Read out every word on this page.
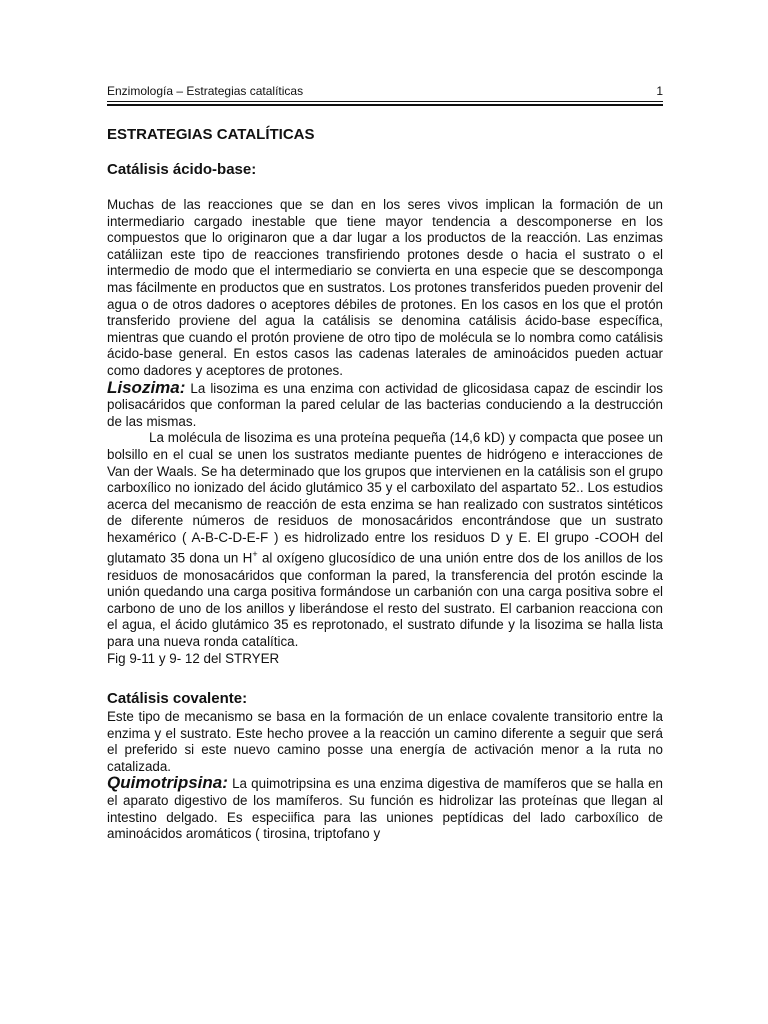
Enzimología – Estrategias catalíticas	1
ESTRATEGIAS CATALÍTICAS
Catálisis ácido-base:

Muchas de las reacciones que se dan en los seres vivos implican la formación de un intermediario cargado inestable que tiene mayor tendencia a descomponerse en los compuestos que lo originaron que a dar lugar a los productos de la reacción. Las enzimas catáliizan este tipo de reacciones transfiriendo protones desde o hacia el sustrato o el intermedio de modo que el intermediario se convierta en una especie que se descomponga mas fácilmente en productos que en sustratos. Los protones transferidos pueden provenir del agua o de otros dadores o aceptores débiles de protones. En los casos en los que el protón transferido proviene del agua la catálisis se denomina catálisis ácido-base específica, mientras que cuando el protón proviene de otro tipo de molécula se lo nombra como catálisis ácido-base general. En estos casos las cadenas laterales de aminoácidos pueden actuar como dadores y aceptores de protones.

Lisozima: La lisozima es una enzima con actividad de glicosidasa capaz de escindir los polisacáridos que conforman la pared celular de las bacterias conduciendo a la destrucción de las mismas.

La molécula de lisozima es una proteína pequeña (14,6 kD) y compacta que posee un bolsillo en el cual se unen los sustratos mediante puentes de hidrógeno e interacciones de Van der Waals. Se ha determinado que los grupos que intervienen en la catálisis son el grupo carboxílico no ionizado del ácido glutámico 35 y el carboxilato del aspartato 52.. Los estudios acerca del mecanismo de reacción de esta enzima se han realizado con sustratos sintéticos de diferente números de residuos de monosacáridos encontrándose que un sustrato hexamérico ( A-B-C-D-E-F ) es hidrolizado entre los residuos D y E. El grupo -COOH del glutamato 35 dona un H+ al oxígeno glucosídico de una unión entre dos de los anillos de los residuos de monosacáridos que conforman la pared, la transferencia del protón escinde la unión quedando una carga positiva formándose un carbanión con una carga positiva sobre el carbono de uno de los anillos y liberándose el resto del sustrato. El carbanion reacciona con el agua, el ácido glutámico 35 es reprotonado, el sustrato difunde y la lisozima se halla lista para una nueva ronda catalítica.

Fig 9-11 y 9- 12 del STRYER

Catálisis covalente:

Este tipo de mecanismo se basa en la formación de un enlace covalente transitorio entre la enzima y el sustrato. Este hecho provee a la reacción un camino diferente a seguir que será el preferido si este nuevo camino posse una energía de activación menor a la ruta no catalizada.

Quimotripsina: La quimotripsina es una enzima digestiva de mamíferos que se halla en el aparato digestivo de los mamíferos. Su función es hidrolizar las proteínas que llegan al intestino delgado. Es especiifica para las uniones peptídicas del lado carboxílico de aminoácidos aromáticos ( tirosina, triptofano y
